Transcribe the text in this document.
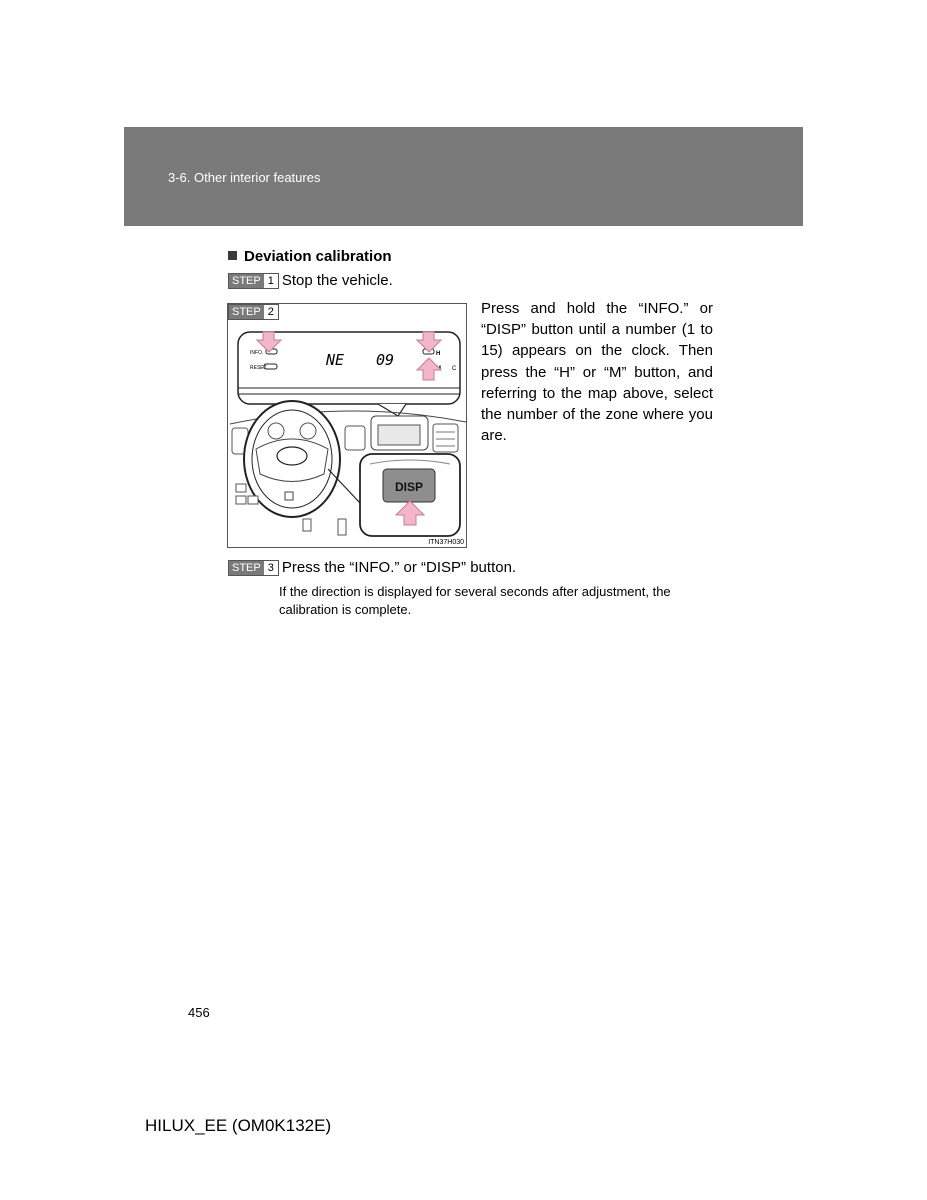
3-6. Other interior features
Deviation calibration
STEP 1 Stop the vehicle.
INFO.
RESET
H
C
NE 09
DISP
ITN37H030
STEP 2	Press and hold the “INFO.” or “DISP” button until a number (1 to 15) appears on the clock. Then press the “H” or “M” button, and referring to the map above, select the number of the zone where you are.
STEP 3 Press the “INFO.” or “DISP” button.
If the direction is displayed for several seconds after adjustment, the calibration is complete.
456
HILUX_EE (OM0K132E)
